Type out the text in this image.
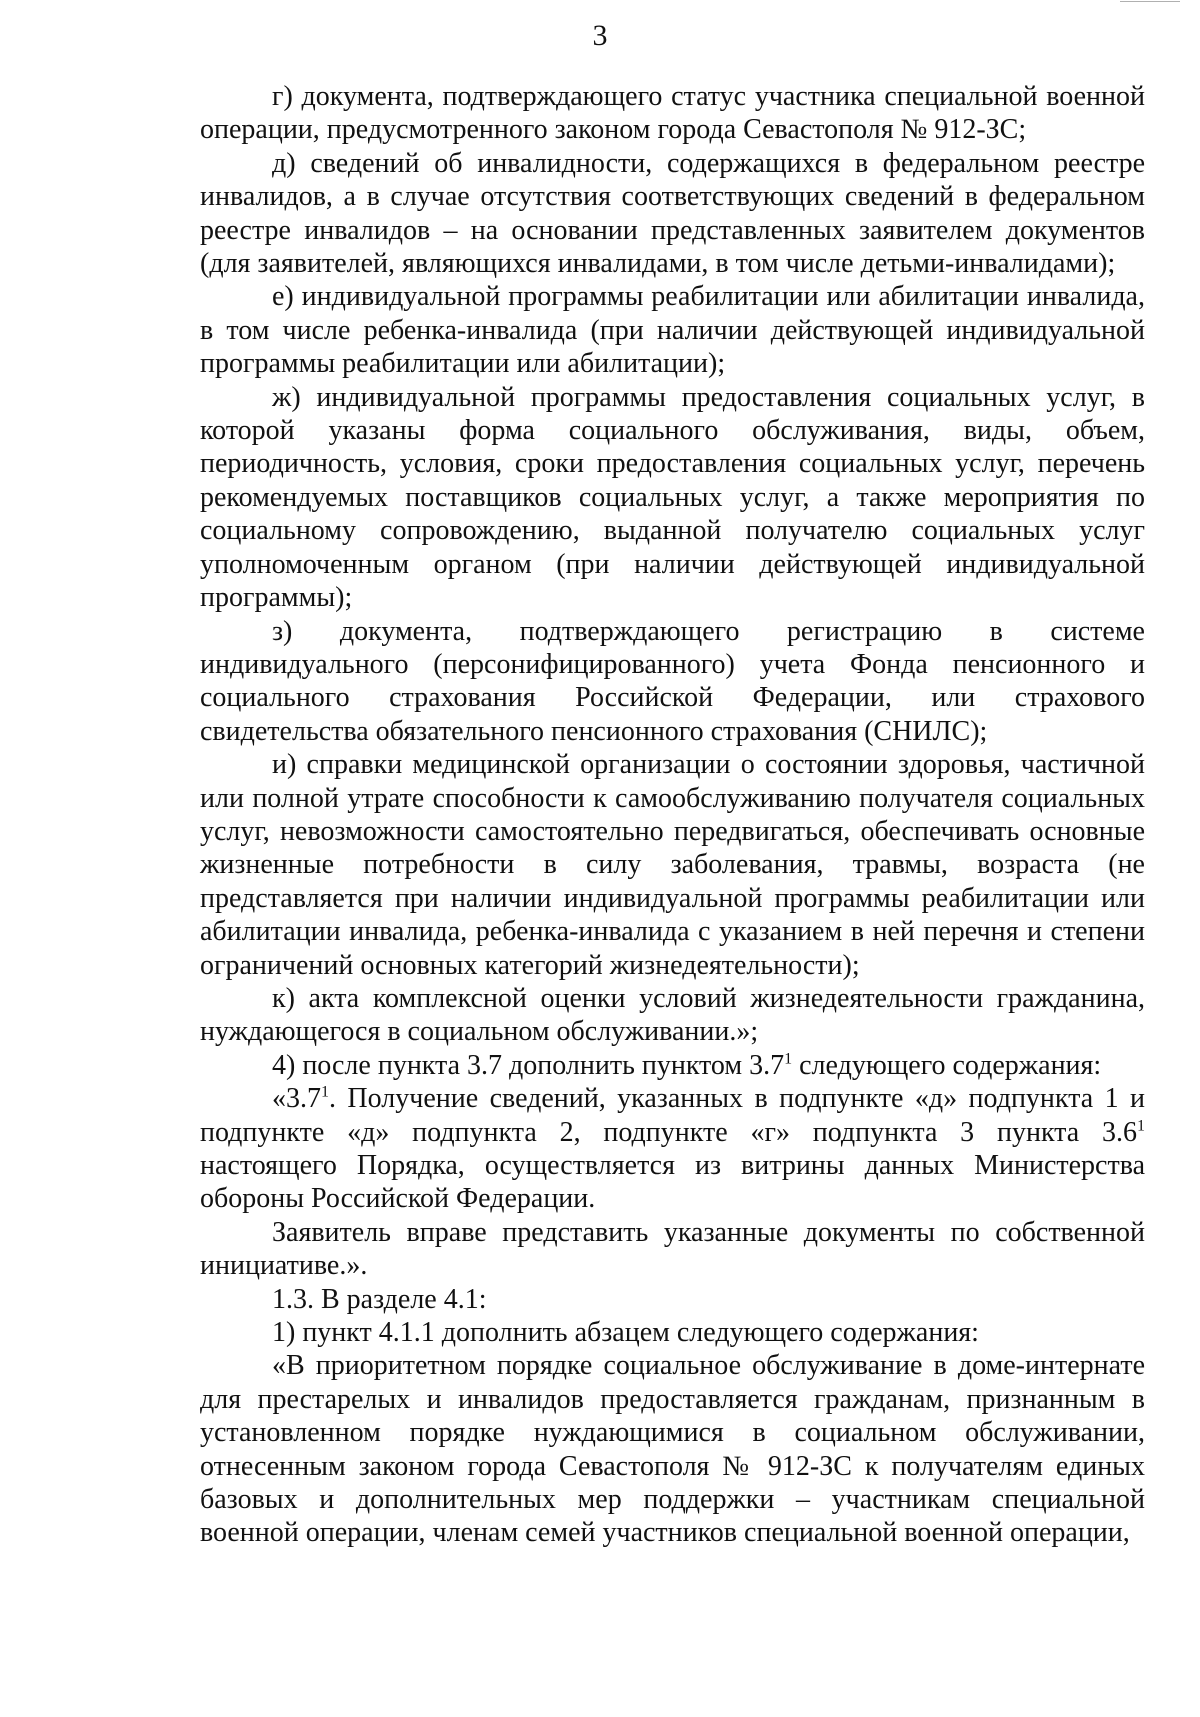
3

г) документа, подтверждающего статус участника специальной военной операции, предусмотренного законом города Севастополя № 912-ЗС;

д) сведений об инвалидности, содержащихся в федеральном реестре инвалидов, а в случае отсутствия соответствующих сведений в федеральном реестре инвалидов – на основании представленных заявителем документов (для заявителей, являющихся инвалидами, в том числе детьми-инвалидами);

е) индивидуальной программы реабилитации или абилитации инвалида, в том числе ребенка-инвалида (при наличии действующей индивидуальной программы реабилитации или абилитации);

ж) индивидуальной программы предоставления социальных услуг, в которой указаны форма социального обслуживания, виды, объем, периодичность, условия, сроки предоставления социальных услуг, перечень рекомендуемых поставщиков социальных услуг, а также мероприятия по социальному сопровождению, выданной получателю социальных услуг уполномоченным органом (при наличии действующей индивидуальной программы);

з) документа, подтверждающего регистрацию в системе индивидуального (персонифицированного) учета Фонда пенсионного и социального страхования Российской Федерации, или страхового свидетельства обязательного пенсионного страхования (СНИЛС);

и) справки медицинской организации о состоянии здоровья, частичной или полной утрате способности к самообслуживанию получателя социальных услуг, невозможности самостоятельно передвигаться, обеспечивать основные жизненные потребности в силу заболевания, травмы, возраста (не представляется при наличии индивидуальной программы реабилитации или абилитации инвалида, ребенка-инвалида с указанием в ней перечня и степени ограничений основных категорий жизнедеятельности);

к) акта комплексной оценки условий жизнедеятельности гражданина, нуждающегося в социальном обслуживании.»;

4) после пункта 3.7 дополнить пунктом $3.7^1$ следующего содержания:

«$3.7^1$. Получение сведений, указанных в подпункте «д» подпункта 1 и подпункте «д» подпункта 2, подпункте «г» подпункта 3 пункта $3.6^1$ настоящего Порядка, осуществляется из витрины данных Министерства обороны Российской Федерации.

Заявитель вправе представить указанные документы по собственной инициативе.».

1.3. В разделе 4.1:

1) пункт 4.1.1 дополнить абзацем следующего содержания:

«В приоритетном порядке социальное обслуживание в доме-интернате для престарелых и инвалидов предоставляется гражданам, признанным в установленном порядке нуждающимися в социальном обслуживании, отнесенным законом города Севастополя № 912-ЗС к получателям единых базовых и дополнительных мер поддержки – участникам специальной военной операции, членам семей участников специальной военной операции,
